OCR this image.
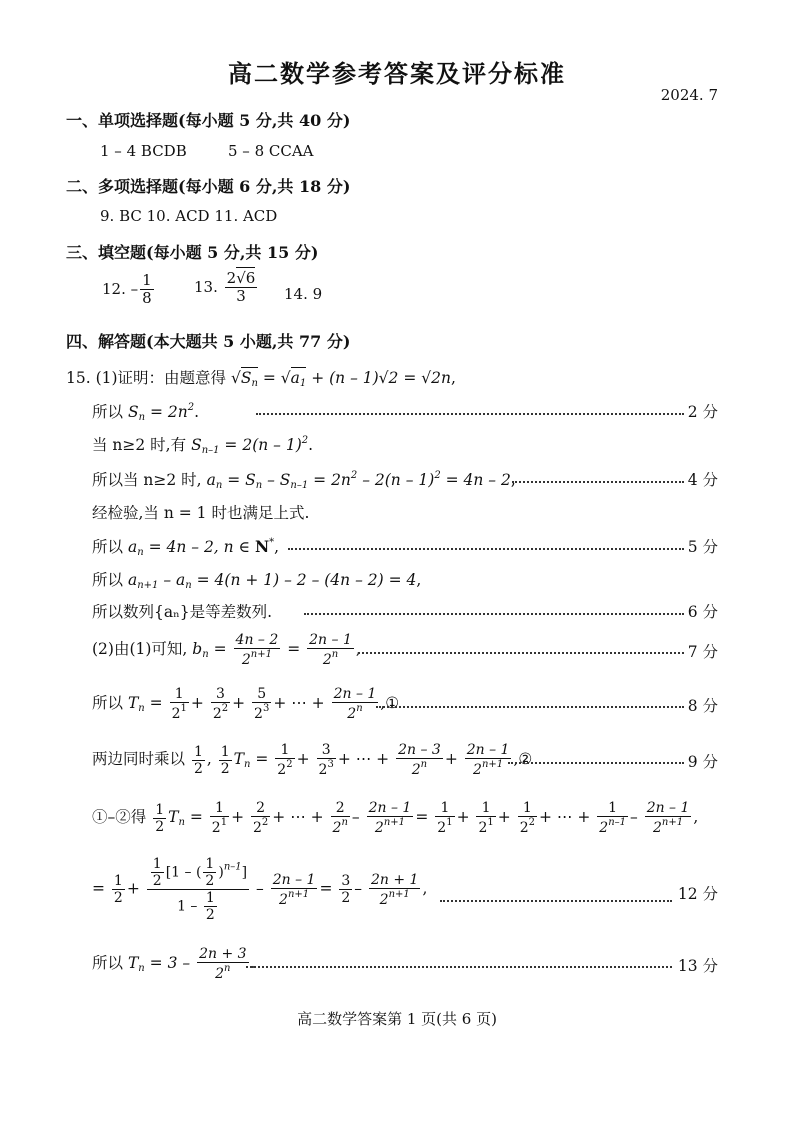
高二数学参考答案及评分标准
2024. 7
一、单项选择题(每小题 5 分,共 40 分)
1 – 4 BCDB	5 – 8 CCAA
二、多项选择题(每小题 6 分,共 18 分)
9. BC 10. ACD 11. ACD
三、填空题(每小题 5 分,共 15 分)
12. – $\frac{1}{8}$	13. $\frac{2√6}{3} 14$. 9
四、解答题(本大题共 5 小题,共 77 分)
15. (1)证明：由题意得 $√S_n = √a_1 + (n - 1)√2 = √2n$,
所以 $S_n = 2n^2$.	2 分
当 n≥2 时,有 $S_{n-1} = 2(n - 1)^2$.
所以当 n≥2 时, $a_n = S_n - S_{n-1} = 2n^2 - 2(n - 1)^2 = 4n - 2$,	4 分
经检验,当 n = 1 时也满足上式.
所以 $a_n = 4n - 2$, n ∈ N*,	5 分
所以 $a_{n+1} - a_n = 4(n + 1) - 2 - (4n - 2) = 4$,
所以数列{aₙ}是等差数列.	6 分
(2)由(1)可知, $b_n = \frac{4n - 2}{2^{n+1}} = \frac{2n - 1}{2^n}$ ,	7 分
所以 $T_n = \frac{1}{2^1} + \frac{3}{2^2} + \frac{5}{2^3}$ + ⋯ + $\frac{2n - 1}{2^n}$ ,①	8 分
两边同时乘以 $\frac{1}{2}$ , $\frac{1}{2} T_n = \frac{1}{2^2} + \frac{3}{2^3}$ + ⋯ + $\frac{2n - 3}{2^n} + \frac{2n - 1}{2^{n+1}}$ ,②	9 分
①–②得 $\frac{1}{2} T_n = \frac{1}{2^1} + \frac{2}{2^2}$ + ⋯ + $\frac{2}{2^n} - \frac{2n - 1}{2^{n+1}} = \frac{1}{2^1} + \frac{1}{2^1} + \frac{1}{2^2}$ + ⋯ + $\frac{1}{2^{n-1}} - \frac{2n - 1}{2^{n+1}}$ ,
= $\frac{1}{2} + \frac{\frac{1}{2} [1 - ( \frac{1}{2} )^{n-1}]}{1 - \frac{1}{2}} - \frac{2n - 1}{2^{n+1}} = \frac{3}{2} - \frac{2n + 1}{2^{n+1}}$ ,	12 分
所以 $T_n = 3 - \frac{2n + 3}{2^n}$ .	13 分
高二数学答案第 1 页(共 6 页)
